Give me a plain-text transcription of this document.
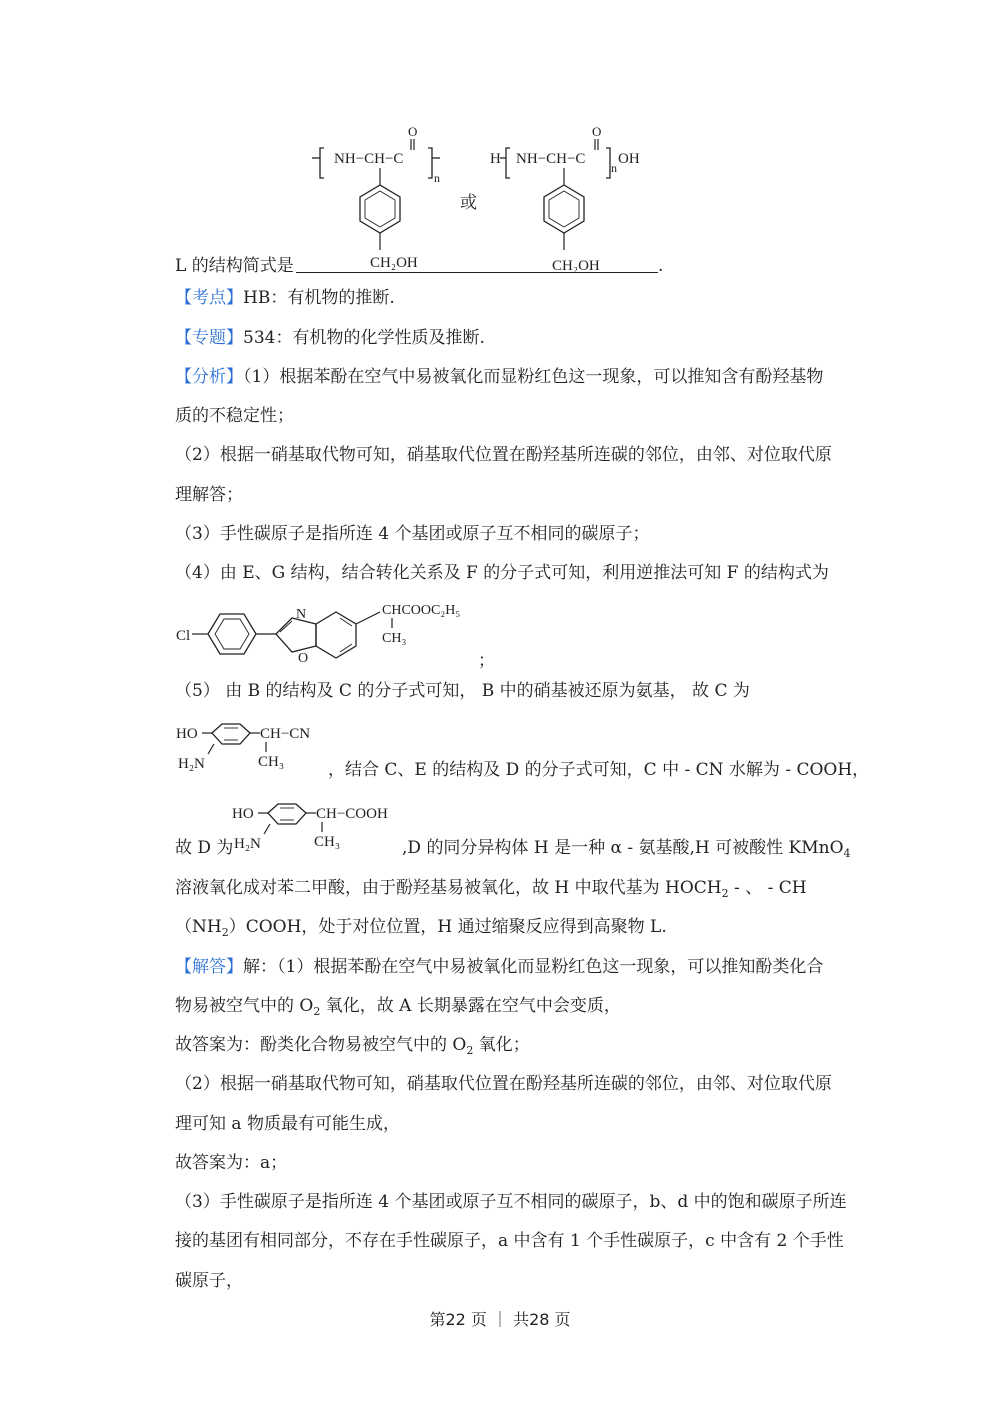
NH−CH−C
O
n
CH₂OH
或
H NH−CH−C
O
n
OH
CH₂OH
L 的结构简式是	.
【考点】HB：有机物的推断.
【专题】534：有机物的化学性质及推断.
【分析】（1）根据苯酚在空气中易被氧化而显粉红色这一现象，可以推知含有酚羟基物
质的不稳定性；
（2）根据一硝基取代物可知，硝基取代位置在酚羟基所连碳的邻位，由邻、对位取代原
理解答；
（3）手性碳原子是指所连 4 个基团或原子互不相同的碳原子；
（4）由 E、G 结构，结合转化关系及 F 的分子式可知，利用逆推法可知 F 的结构式为
Cl
N
O
CHCOOC₂H₅
CH₃
；
（5） 由 B 的结构及 C 的分子式可知， B 中的硝基被还原为氨基， 故 C 为
HO	CH−CN
CH₃
H₂N	，结合 C、E 的结构及 D 的分子式可知，C 中 - CN 水解为 - COOH，
HO	CH−COOH
CH₃
H₂N
故 D 为	,D 的同分异构体 H 是一种 α - 氨基酸,H 可被酸性 KMnO$_4$
溶液氧化成对苯二甲酸，由于酚羟基易被氧化，故 H 中取代基为 $HOCH_2$ - 、 - CH
$(NH_2)COOH$，处于对位位置，H 通过缩聚反应得到高聚物 L.
【解答】解：（1）根据苯酚在空气中易被氧化而显粉红色这一现象，可以推知酚类化合
物易被空气中的 $O_2$ 氧化，故 A 长期暴露在空气中会变质，
故答案为：酚类化合物易被空气中的 $O_2$ 氧化；
（2）根据一硝基取代物可知，硝基取代位置在酚羟基所连碳的邻位，由邻、对位取代原
理可知 a 物质最有可能生成，
故答案为：a；
（3）手性碳原子是指所连 4 个基团或原子互不相同的碳原子，b、d 中的饱和碳原子所连
接的基团有相同部分，不存在手性碳原子，a 中含有 1 个手性碳原子，c 中含有 2 个手性
碳原子，
第22 页 ｜ 共28 页
